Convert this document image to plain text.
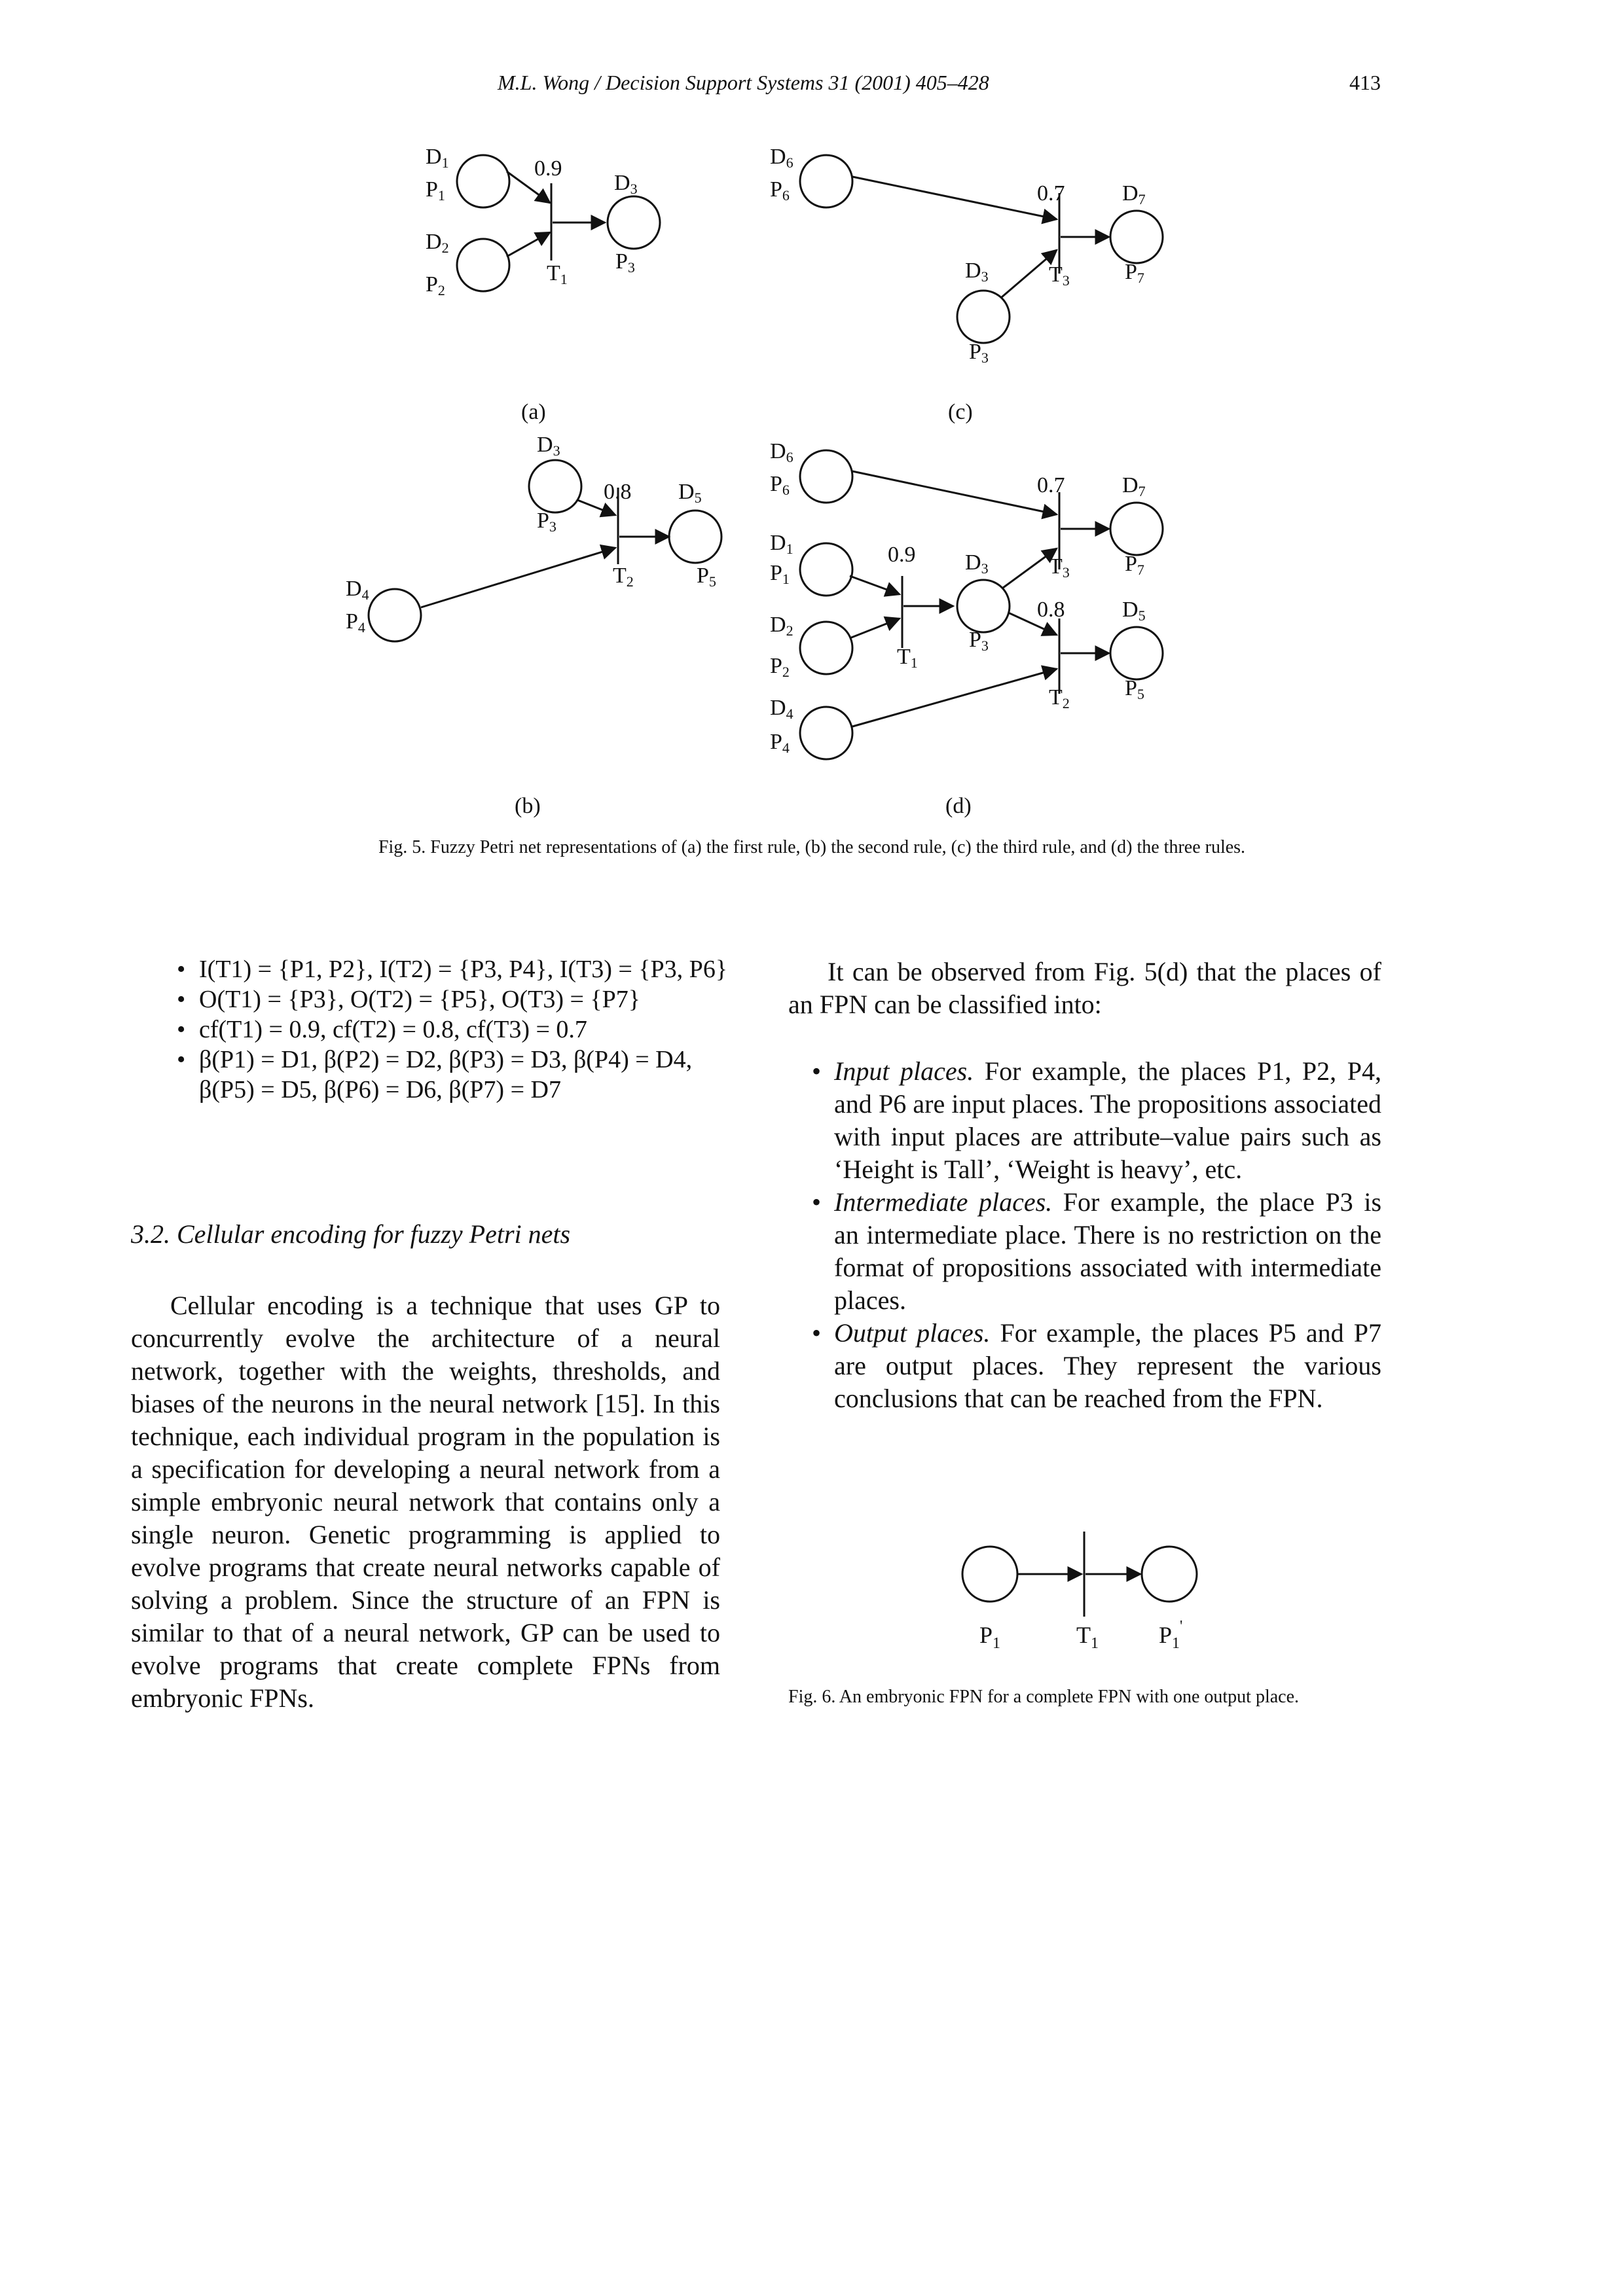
M.L. Wong / Decision Support Systems 31 (2001) 405–428	413
D1
P1
D2
P2
0.9
T1
D3
P3
(a)
D6
P6	0.7	D7
D3	T3 P7
P3
(c)
D3
P3
0.8 D5
T2	P5
D4
P4
(b)
D6
P6	0.7	D7
T3 P7
D1
P1
0.9 D3
D2
P2
T1
P3
0.8	D5
T2
P5
D4
P4
(d)
Fig. 5. Fuzzy Petri net representations of (a) the first rule, (b) the second rule, (c) the third rule, and (d) the three rules.
• I(T1) = {P1, P2}, I(T2) = {P3, P4}, I(T3) = {P3, P6}
• O(T1) = {P3}, O(T2) = {P5}, O(T3) = {P7}
• cf(T1) = 0.9, cf(T2) = 0.8, cf(T3) = 0.7
• β(P1) = D1, β(P2) = D2, β(P3) = D3, β(P4) = D4, β(P5) = D5, β(P6) = D6, β(P7) = D7
3.2. Cellular encoding for fuzzy Petri nets

Cellular encoding is a technique that uses GP to concurrently evolve the architecture of a neural network, together with the weights, thresholds, and biases of the neurons in the neural network [15]. In this technique, each individual program in the population is a specification for developing a neural network from a simple embryonic neural network that contains only a single neuron. Genetic programming is applied to evolve programs that create neural networks capable of solving a problem. Since the structure of an FPN is similar to that of a neural network, GP can be used to evolve programs that create complete FPNs from embryonic FPNs.

It can be observed from Fig. 5(d) that the places of an FPN can be classified into:

• Input places. For example, the places P1, P2, P4, and P6 are input places. The propositions associated with input places are attribute–value pairs such as ‘Height is Tall’, ‘Weight is heavy’, etc.
• Intermediate places. For example, the place P3 is an intermediate place. There is no restriction on the format of propositions associated with intermediate places.
• Output places. For example, the places P5 and P7 are output places. They represent the various conclusions that can be reached from the FPN.
$P_1$	$T_1$	$P_1'$
Fig. 6. An embryonic FPN for a complete FPN with one output place.
